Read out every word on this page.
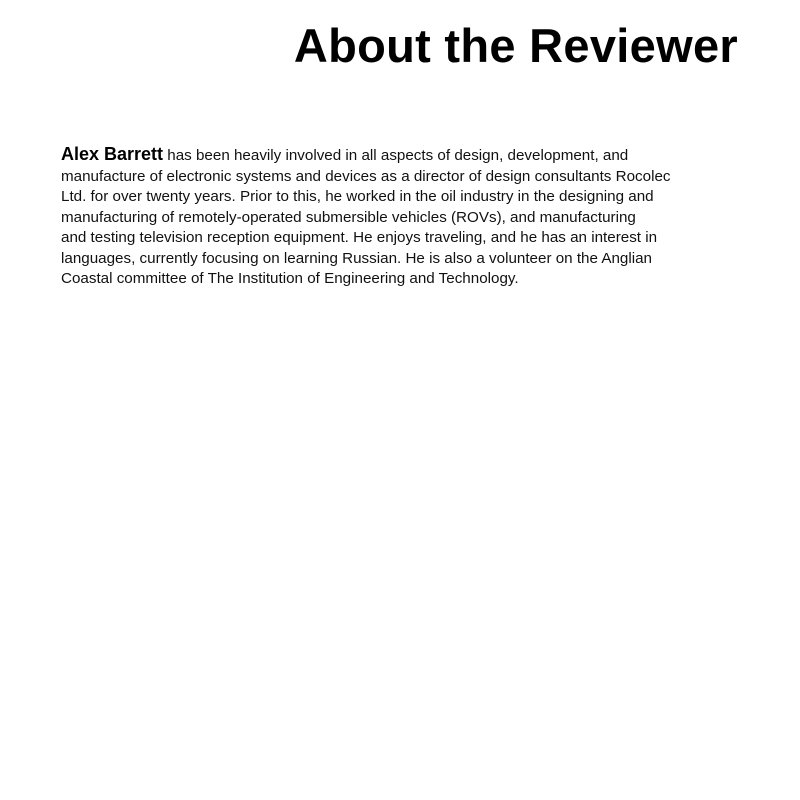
About the Reviewer

Alex Barrett has been heavily involved in all aspects of design, development, and
manufacture of electronic systems and devices as a director of design consultants Rocolec
Ltd. for over twenty years. Prior to this, he worked in the oil industry in the designing and
manufacturing of remotely-operated submersible vehicles (ROVs), and manufacturing
and testing television reception equipment. He enjoys traveling, and he has an interest in
languages, currently focusing on learning Russian. He is also a volunteer on the Anglian
Coastal committee of The Institution of Engineering and Technology.
